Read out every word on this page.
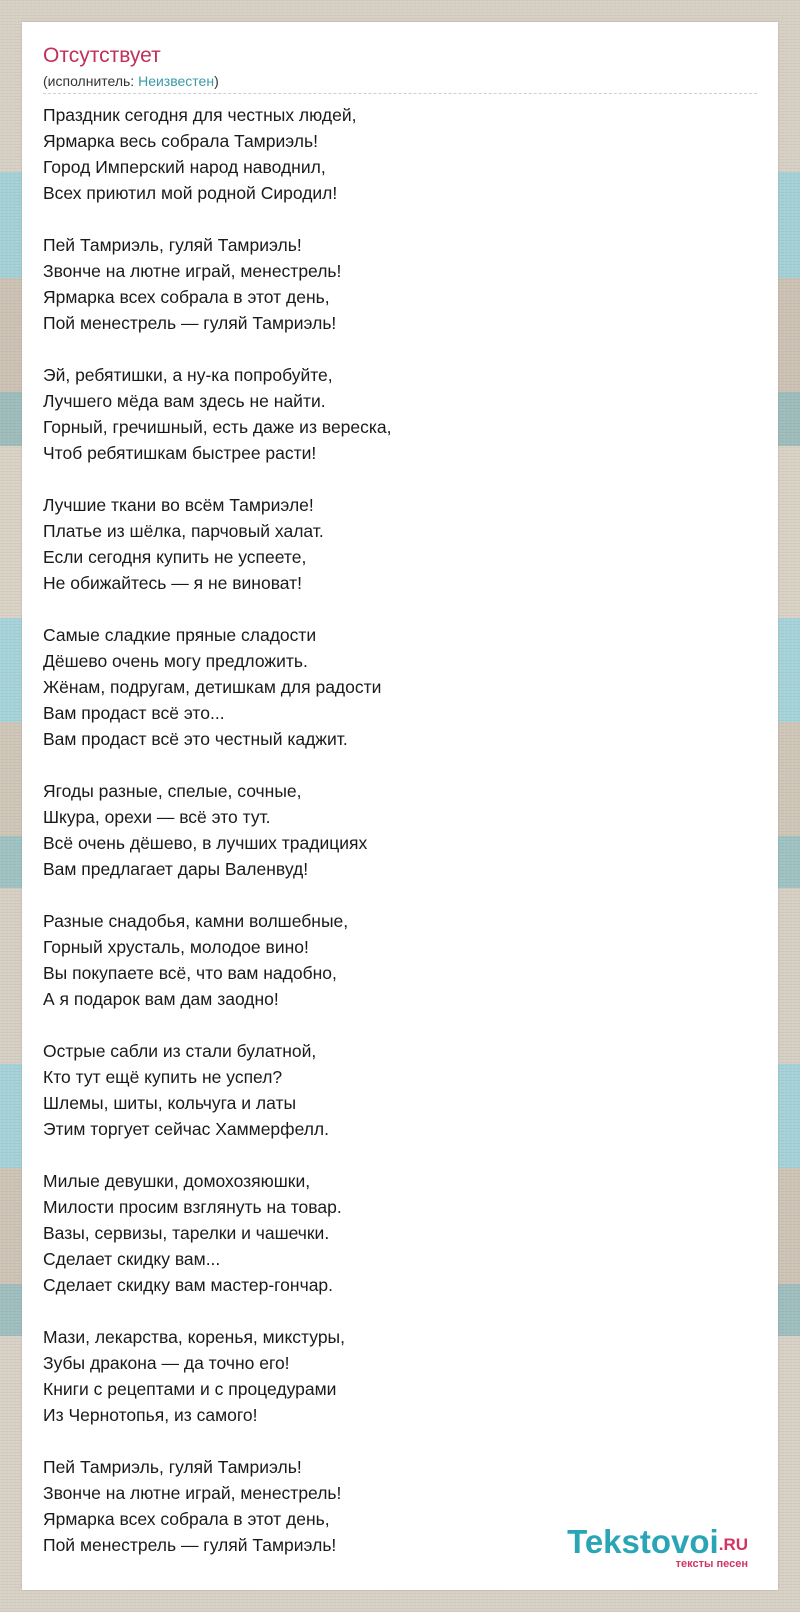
Отсутствует
(исполнитель: Неизвестен)
Праздник сегодня для честных людей,
Ярмарка весь собрала Тамриэль!
Город Имперский народ наводнил,
Всех приютил мой родной Сиродил!
Пей Тамриэль, гуляй Тамриэль!
Звонче на лютне играй, менестрель!
Ярмарка всех собрала в этот день,
Пой менестрель — гуляй Тамриэль!
Эй, ребятишки, а ну-ка попробуйте,
Лучшего мёда вам здесь не найти.
Горный, гречишный, есть даже из вереска,
Чтоб ребятишкам быстрее расти!
Лучшие ткани во всём Тамриэле!
Платье из шёлка, парчовый халат.
Если сегодня купить не успеете,
Не обижайтесь — я не виноват!
Самые сладкие пряные сладости
Дёшево очень могу предложить.
Жёнам, подругам, детишкам для радости
Вам продаст всё это...
Вам продаст всё это честный каджит.
Ягоды разные, спелые, сочные,
Шкура, орехи — всё это тут.
Всё очень дёшево, в лучших традициях
Вам предлагает дары Валенвуд!
Разные снадобья, камни волшебные,
Горный хрусталь, молодое вино!
Вы покупаете всё, что вам надобно,
А я подарок вам дам заодно!
Острые сабли из стали булатной,
Кто тут ещё купить не успел?
Шлемы, шиты, кольчуга и латы
Этим торгует сейчас Хаммерфелл.
Милые девушки, домохозяюшки,
Милости просим взглянуть на товар.
Вазы, сервизы, тарелки и чашечки.
Сделает скидку вам...
Сделает скидку вам мастер-гончар.
Мази, лекарства, коренья, микстуры,
Зубы дракона — да точно его!
Книги с рецептами и с процедурами
Из Чернотопья, из самого!
Пей Тамриэль, гуляй Тамриэль!
Звонче на лютне играй, менестрель!
Ярмарка всех собрала в этот день,
Пой менестрель — гуляй Тамриэль!	Tekstovoi.RU
тексты песен
